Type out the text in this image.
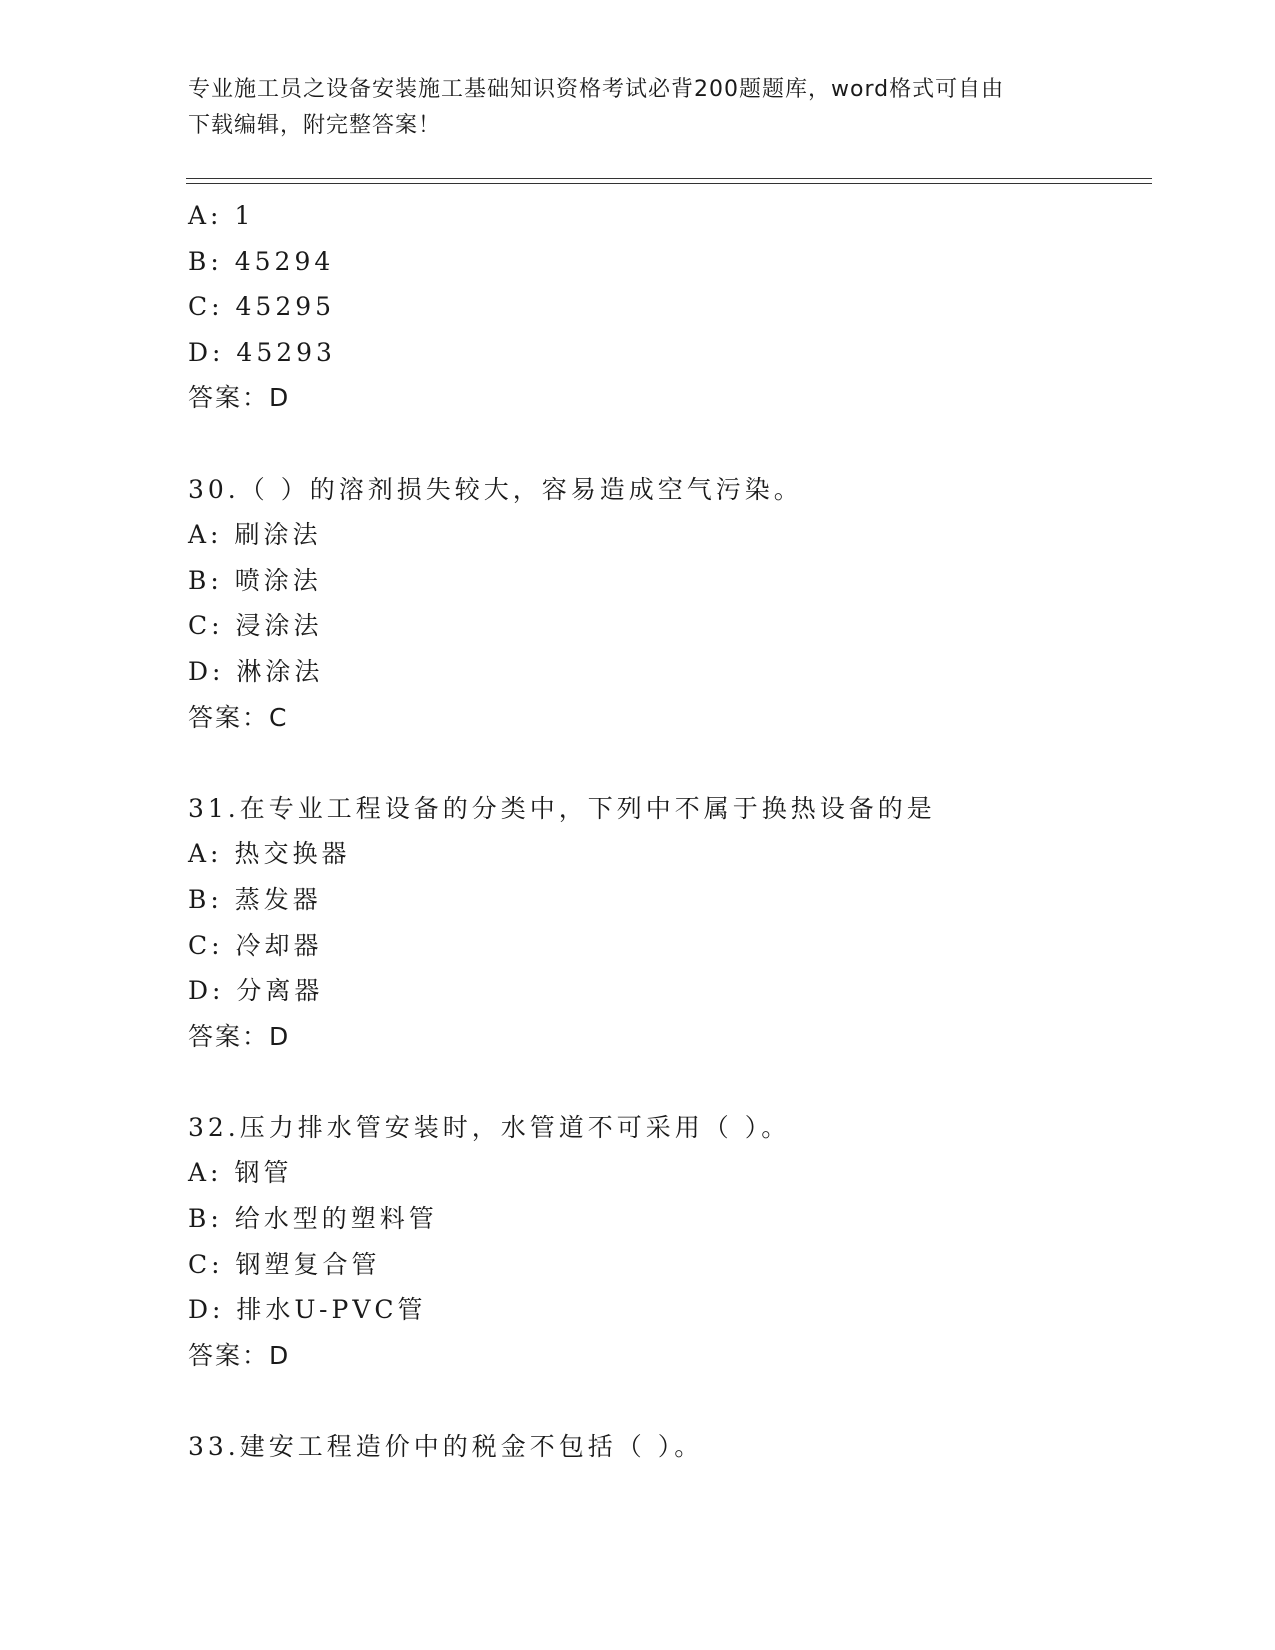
专业施工员之设备安装施工基础知识资格考试必背200题题库，word格式可自由
下载编辑，附完整答案！
A: 1
B: 45294
C: 45295
D: 45293
答案：D
30.（ ）的溶剂损失较大，容易造成空气污染。
A: 刷涂法
B: 喷涂法
C: 浸涂法
D: 淋涂法
答案：C
31.在专业工程设备的分类中，下列中不属于换热设备的是
A: 热交换器
B: 蒸发器
C: 冷却器
D: 分离器
答案：D
32.压力排水管安装时，水管道不可采用（ ）。
A: 钢管
B: 给水型的塑料管
C: 钢塑复合管
D: 排水U-PVC管
答案：D
33.建安工程造价中的税金不包括（ ）。
